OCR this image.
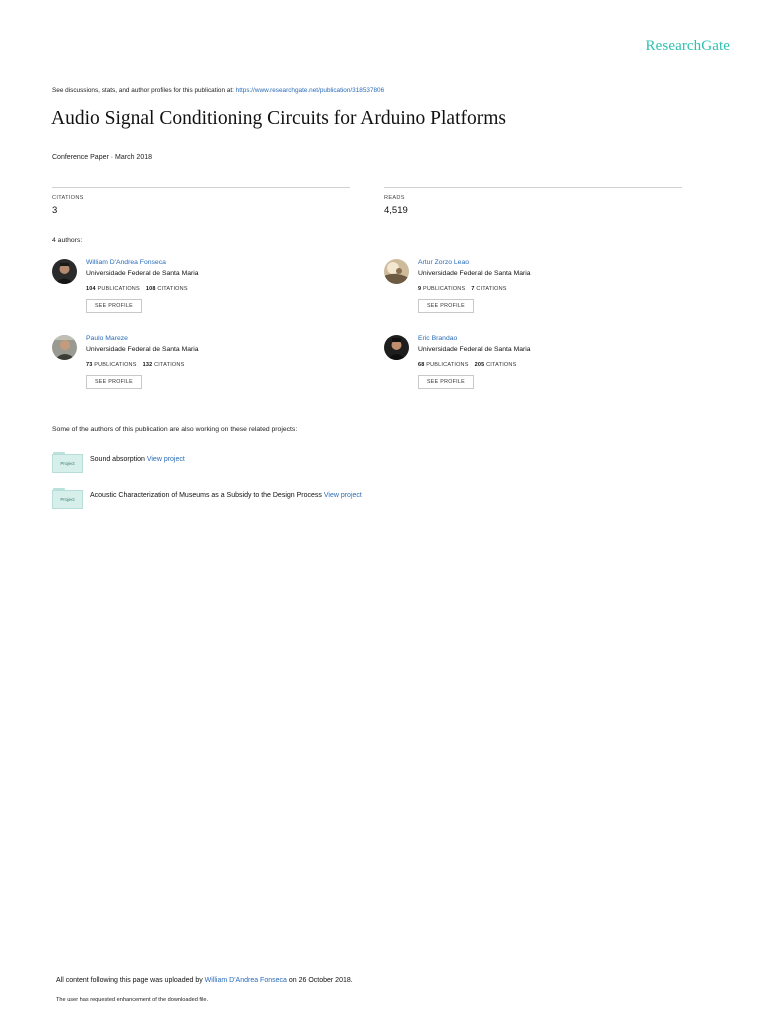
ResearchGate
See discussions, stats, and author profiles for this publication at: https://www.researchgate.net/publication/318537806
Audio Signal Conditioning Circuits for Arduino Platforms
Conference Paper · March 2018
CITATIONS
3
READS
4,519
4 authors:
William D'Andrea Fonseca
Universidade Federal de Santa Maria
104 PUBLICATIONS 108 CITATIONS
SEE PROFILE
Artur Zorzo Leao
Universidade Federal de Santa Maria
9 PUBLICATIONS 7 CITATIONS
SEE PROFILE
Paulo Mareze
Universidade Federal de Santa Maria
73 PUBLICATIONS 132 CITATIONS
SEE PROFILE
Eric Brandao
Universidade Federal de Santa Maria
68 PUBLICATIONS 205 CITATIONS
SEE PROFILE
Some of the authors of this publication are also working on these related projects:
Project
Sound absorption View project
Project
Acoustic Characterization of Museums as a Subsidy to the Design Process View project
All content following this page was uploaded by William D'Andrea Fonseca on 26 October 2018.
The user has requested enhancement of the downloaded file.
